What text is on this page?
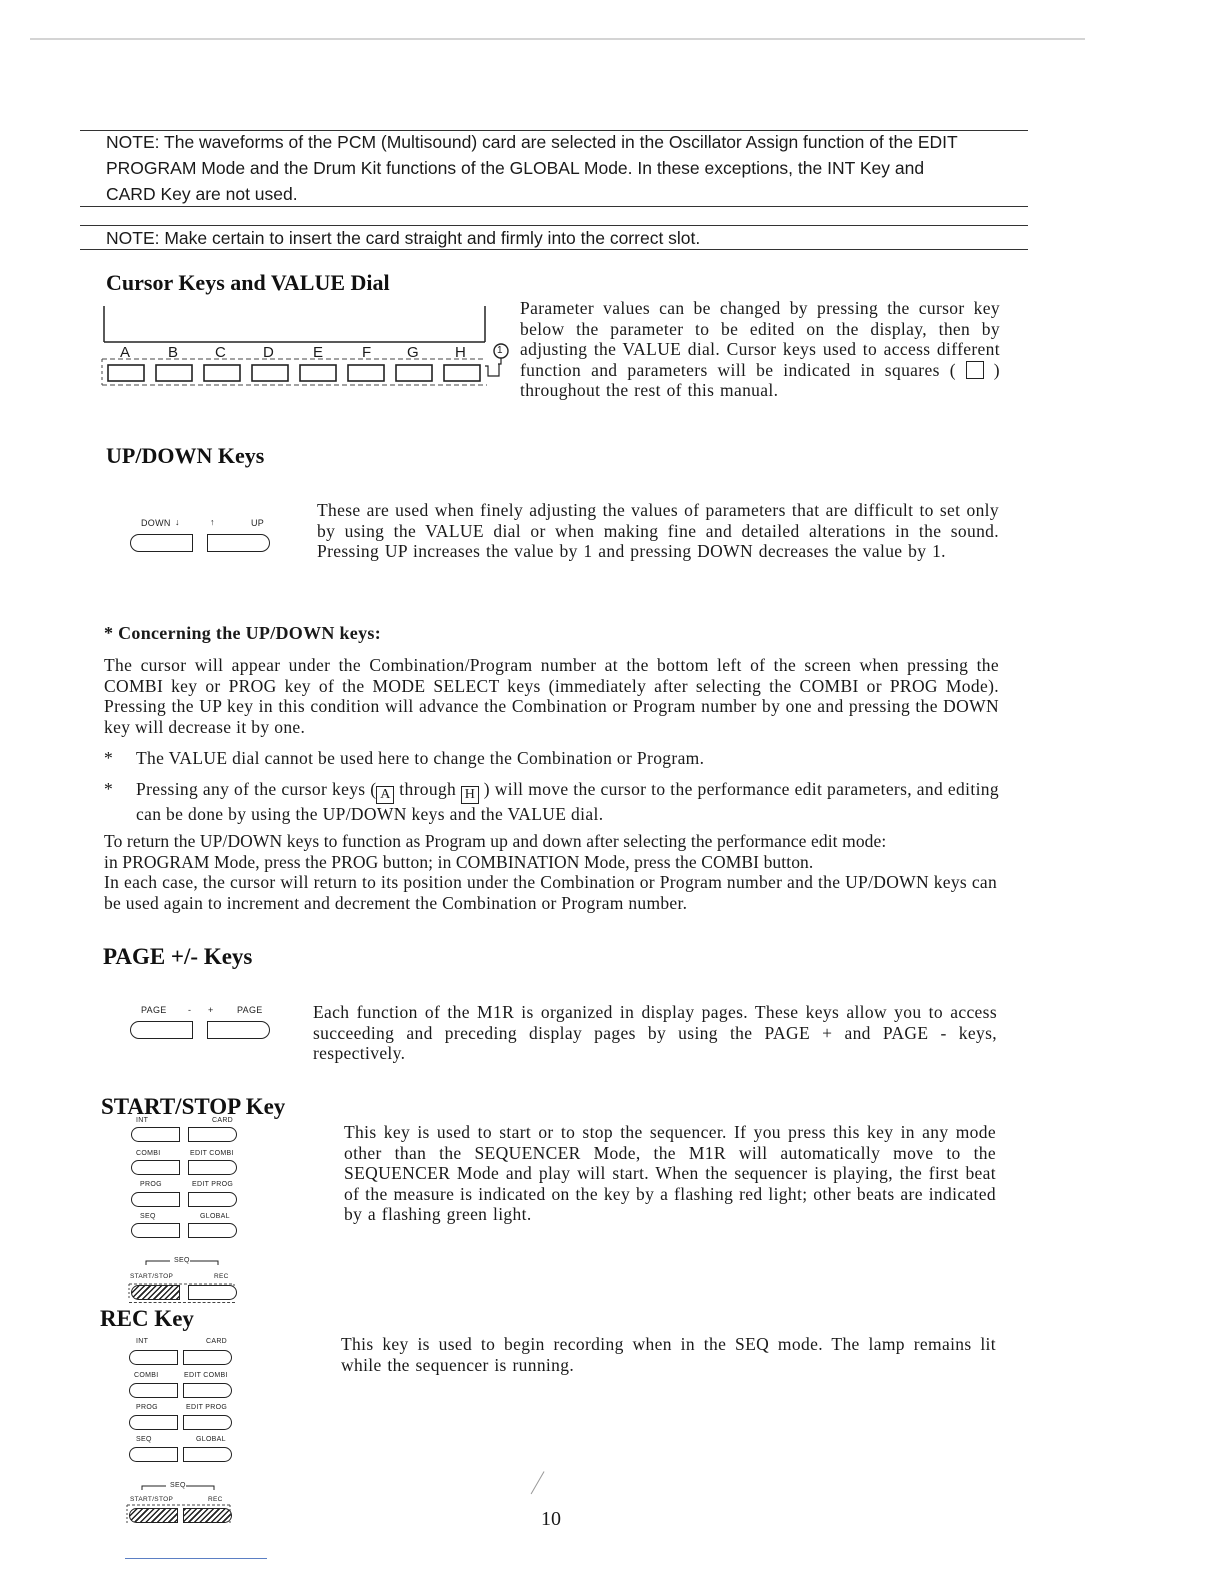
NOTE: The waveforms of the PCM (Multisound) card are selected in the Oscillator Assign function of the EDIT
PROGRAM Mode and the Drum Kit functions of the GLOBAL Mode. In these exceptions, the INT Key and
CARD Key are not used.
NOTE: Make certain to insert the card straight and firmly into the correct slot.
Cursor Keys and VALUE Dial
A	B C D	E	F G H	1
Parameter values can be changed by pressing the cursor key below the parameter to be edited on the display, then by adjusting the VALUE dial. Cursor keys used to access different function and parameters will be indicated in squares ( ) throughout the rest of this manual.
UP/DOWN Keys
DOWN ↓	↑	UP
These are used when finely adjusting the values of parameters that are difficult to set only by using the VALUE dial or when making fine and detailed alterations in the sound. Pressing UP increases the value by 1 and pressing DOWN decreases the value by 1.
* Concerning the UP/DOWN keys:
The cursor will appear under the Combination/Program number at the bottom left of the screen when pressing the COMBI key or PROG key of the MODE SELECT keys (immediately after selecting the COMBI or PROG Mode). Pressing the UP key in this condition will advance the Combination or Program number by one and pressing the DOWN key will decrease it by one.
*	The VALUE dial cannot be used here to change the Combination or Program.
*	Pressing any of the cursor keys ( A through H ) will move the cursor to the performance edit parameters, and editing can be done by using the UP/DOWN keys and the VALUE dial.
To return the UP/DOWN keys to function as Program up and down after selecting the performance edit mode:
in PROGRAM Mode, press the PROG button; in COMBINATION Mode, press the COMBI button.
In each case, the cursor will return to its position under the Combination or Program number and the UP/DOWN keys can be used again to increment and decrement the Combination or Program number.
PAGE +/- Keys
PAGE - +	PAGE	Each function of the M1R is organized in display pages. These keys allow you to access succeeding and preceding display pages by using the PAGE + and PAGE - keys, respectively.
START/STOP Key
INT	CARD
COMBI	EDIT COMBI
PROG	EDIT PROG
SEQ	GLOBAL
SEQ
START/STOP	REC
This key is used to start or to stop the sequencer. If you press this key in any mode other than the SEQUENCER Mode, the M1R will automatically move to the SEQUENCER Mode and play will start. When the sequencer is playing, the first beat of the measure is indicated on the key by a flashing red light; other beats are indicated by a flashing green light.
REC Key
INT	CARD
COMBI	EDIT COMBI
PROG	EDIT PROG
SEQ	GLOBAL
SEQ
START/STOP	REC
This key is used to begin recording when in the SEQ mode. The lamp remains lit while the sequencer is running.
10
